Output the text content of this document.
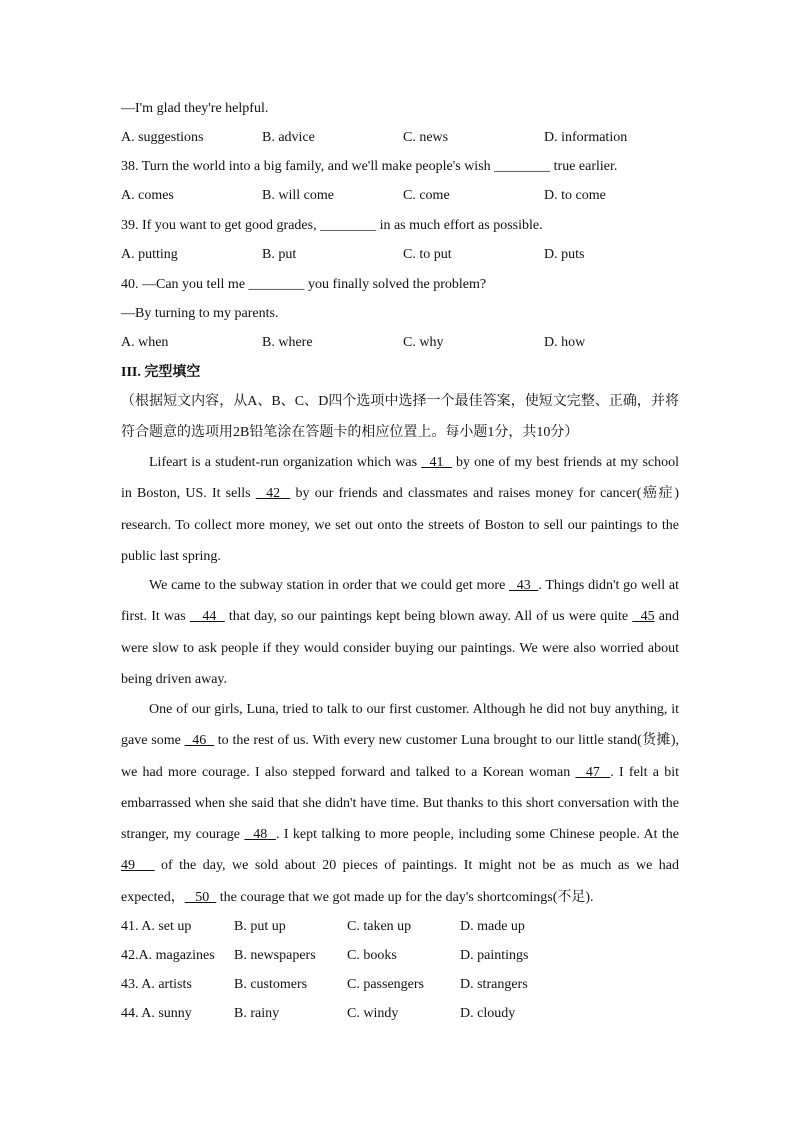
—I'm glad they're helpful.
A. suggestions	B. advice	C. news	D. information
38. Turn the world into a big family, and we'll make people's wish ________ true earlier.
A. comes	B. will come	C. come	D. to come
39. If you want to get good grades, ________ in as much effort as possible.
A. putting	B. put	C. to put	D. puts
40. —Can you tell me ________ you finally solved the problem?
—By turning to my parents.
A. when	B. where	C. why	D. how
III. 完型填空
（根据短文内容，从A、B、C、D四个选项中选择一个最佳答案，使短文完整、正确，并将符合题意的选项用2B铅笔涂在答题卡的相应位置上。每小题1分，共10分）
Lifeart is a student-run organization which was   41   by one of my best friends at my school in Boston, US. It sells   42   by our friends and classmates and raises money for cancer(癌症) research. To collect more money, we set out onto the streets of Boston to sell our paintings to the public last spring.
We came to the subway station in order that we could get more   43  . Things didn't go well at first. It was    44   that day, so our paintings kept being blown away. All of us were quite   45 and were slow to ask people if they would consider buying our paintings. We were also worried about being driven away.
One of our girls, Luna, tried to talk to our first customer. Although he did not buy anything, it gave some   46   to the rest of us. With every new customer Luna brought to our little stand(货摊), we had more courage. I also stepped forward and talked to a Korean woman   47  . I felt a bit embarrassed when she said that she didn't have time. But thanks to this short conversation with the stranger, my courage   48  . I kept talking to more people, including some Chinese people. At the 49    of the day, we sold about 20 pieces of paintings. It might not be as much as we had expected，   50   the courage that we got made up for the day's shortcomings(不足).
41. A. set up	B. put up	C. taken up	D. made up
42.A. magazines B. newspapers C. books	D. paintings
43. A. artists	B. customers	C. passengers	D. strangers
44. A. sunny	B. rainy	C. windy	D. cloudy
